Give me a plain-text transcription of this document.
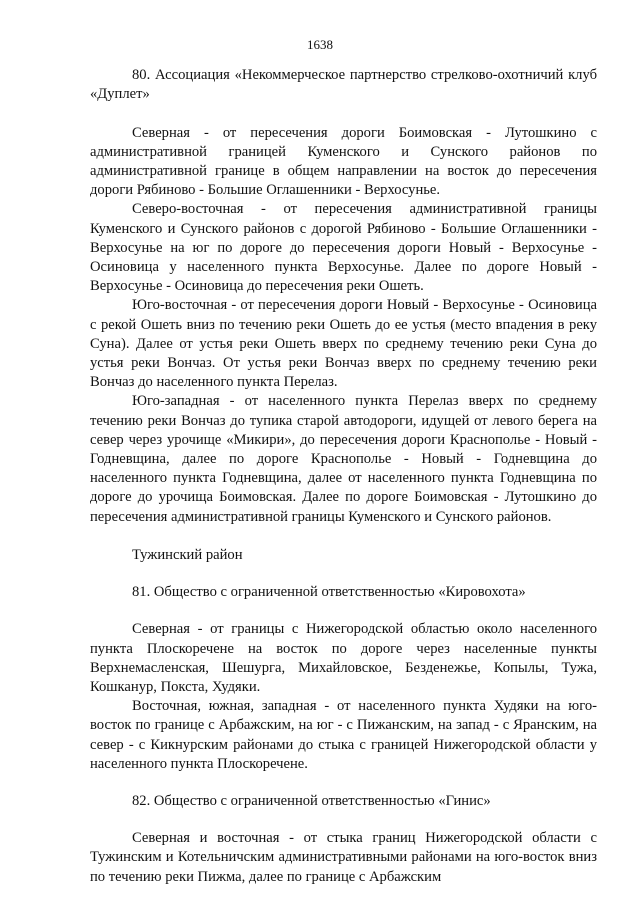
1638

80. Ассоциация «Некоммерческое партнерство стрелково-охотничий клуб «Дуплет»

Северная - от пересечения дороги Боимовская - Лутошкино с административной границей Куменского и Сунского районов по административной границе в общем направлении на восток до пересечения дороги Рябиново - Большие Оглашенники - Верхосунье.

Северо-восточная - от пересечения административной границы Куменского и Сунского районов с дорогой Рябиново - Большие Оглашенники - Верхосунье на юг по дороге до пересечения дороги Новый - Верхосунье - Осиновица у населенного пункта Верхосунье. Далее по дороге Новый - Верхосунье - Осиновица до пересечения реки Ошеть.

Юго-восточная - от пересечения дороги Новый - Верхосунье - Осиновица с рекой Ошеть вниз по течению реки Ошеть до ее устья (место впадения в реку Суна). Далее от устья реки Ошеть вверх по среднему течению реки Суна до устья реки Вончаз. От устья реки Вончаз вверх по среднему течению реки Вончаз до населенного пункта Перелаз.

Юго-западная - от населенного пункта Перелаз вверх по среднему течению реки Вончаз до тупика старой автодороги, идущей от левого берега на север через урочище «Микири», до пересечения дороги Краснополье - Новый - Годневщина, далее по дороге Краснополье - Новый - Годневщина до населенного пункта Годневщина, далее от населенного пункта Годневщина по дороге до урочища Боимовская. Далее по дороге Боимовская - Лутошкино до пересечения административной границы Куменского и Сунского районов.

Тужинский район

81. Общество с ограниченной ответственностью «Кировохота»

Северная - от границы с Нижегородской областью около населенного пункта Плоскоречене на восток по дороге через населенные пункты Верхнемасленская, Шешурга, Михайловское, Безденежье, Копылы, Тужа, Кошканур, Покста, Худяки.

Восточная, южная, западная - от населенного пункта Худяки на юго-восток по границе с Арбажским, на юг - с Пижанским, на запад - с Яранским, на север - с Кикнурским районами до стыка с границей Нижегородской области у населенного пункта Плоскоречене.

82. Общество с ограниченной ответственностью «Гинис»

Северная и восточная - от стыка границ Нижегородской области с Тужинским и Котельничским административными районами на юго-восток вниз по течению реки Пижма, далее по границе с Арбажским
